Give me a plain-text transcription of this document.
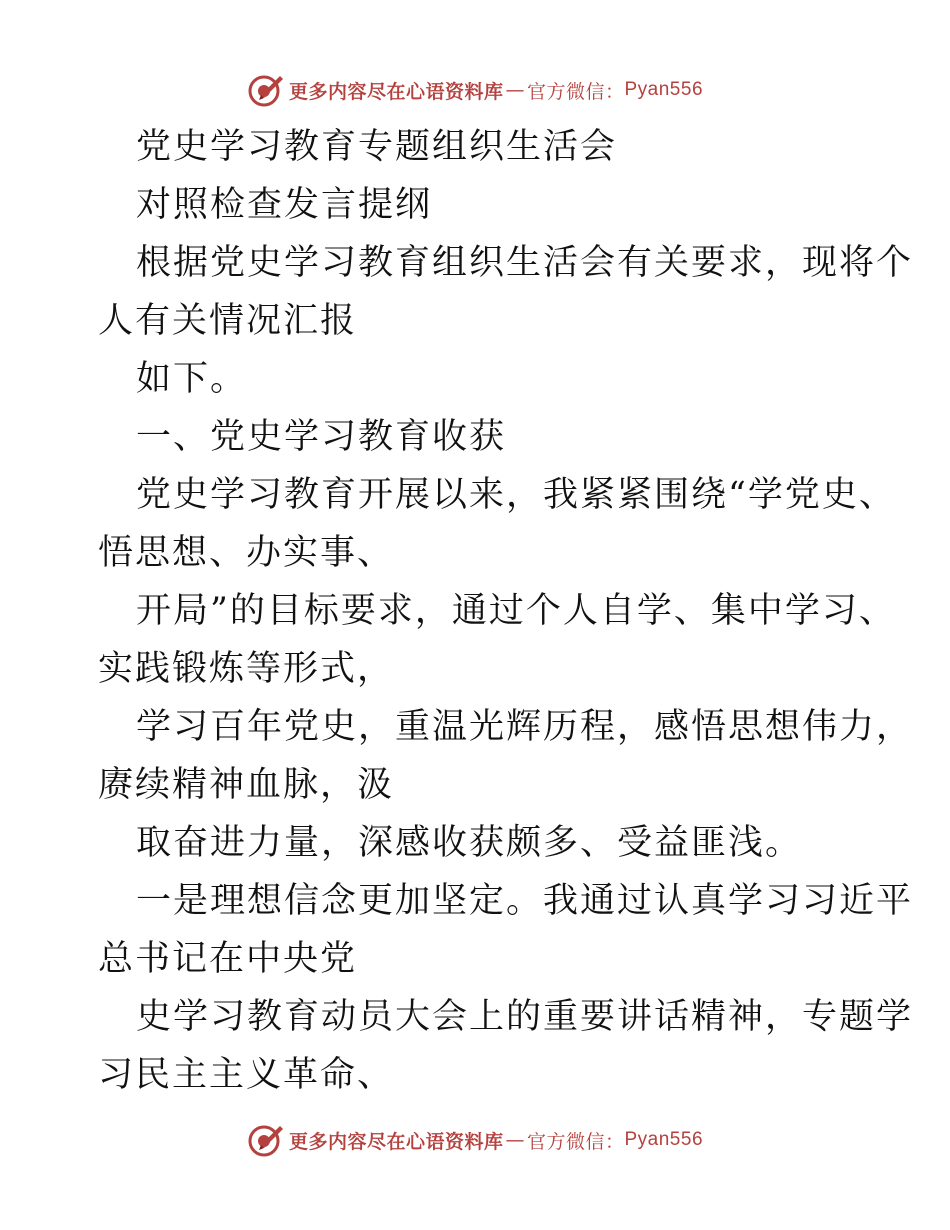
更多内容尽在心语资料库 — 官方微信： Pyan556
党史学习教育专题组织生活会
对照检查发言提纲
根据党史学习教育组织生活会有关要求，现将个
人有关情况汇报
如下。
一、党史学习教育收获
党史学习教育开展以来，我紧紧围绕“学党史、
悟思想、办实事、
开局”的目标要求，通过个人自学、集中学习、
实践锻炼等形式，
学习百年党史，重温光辉历程，感悟思想伟力，
赓续精神血脉，汲
取奋进力量，深感收获颇多、受益匪浅。
一是理想信念更加坚定。我通过认真学习习近平
总书记在中央党
史学习教育动员大会上的重要讲话精神，专题学
习民主主义革命、
更多内容尽在心语资料库 — 官方微信： Pyan556
